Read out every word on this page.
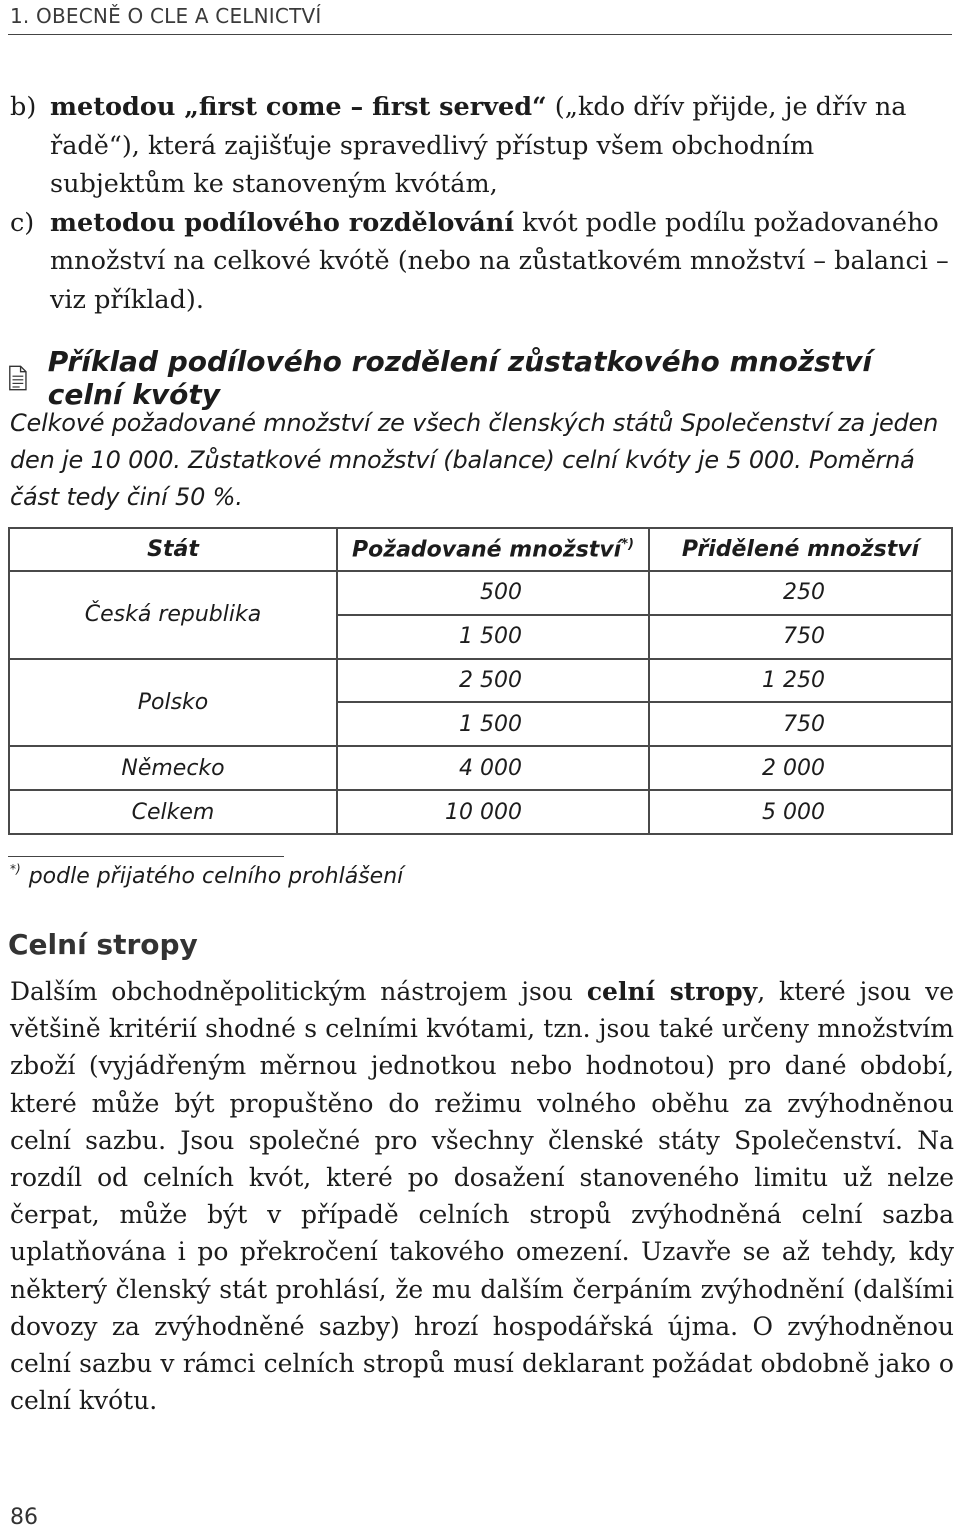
1. OBECNĚ O CLE A CELNICTVÍ
b) metodou „first come – first served“ („kdo dřív přijde, je dřív na řadě“), která zajišťuje spravedlivý přístup všem obchodním subjektům ke stanoveným kvótám,
c) metodou podílového rozdělování kvót podle podílu požadovaného množství na celkové kvótě (nebo na zůstatkovém množství – balanci – viz příklad).
Příklad podílového rozdělení zůstatkového množství celní kvóty
Celkové požadované množství ze všech členských států Společenství za jeden den je 10 000. Zůstatkové množství (balance) celní kvóty je 5 000. Poměrná část tedy činí 50 %.
Stát	Požadované množství*)	Přidělené množství
Česká republika	500	250
	1 500	750
Polsko	2 500	1 250
	1 500	750
Německo	4 000	2 000
Celkem	10 000	5 000
*) podle přijatého celního prohlášení
Celní stropy
Dalším obchodněpolitickým nástrojem jsou celní stropy, které jsou ve většině kritérií shodné s celními kvótami, tzn. jsou také určeny množstvím zboží (vyjádřeným měrnou jednotkou nebo hodnotou) pro dané období, které může být propuštěno do režimu volného oběhu za zvýhodněnou celní sazbu. Jsou společné pro všechny členské státy Společenství. Na rozdíl od celních kvót, které po dosažení stanoveného limitu už nelze čerpat, může být v případě celních stropů zvýhodněná celní sazba uplatňována i po překročení takového omezení. Uzavře se až tehdy, kdy některý členský stát prohlásí, že mu dalším čerpáním zvýhodnění (dalšími dovozy za zvýhodněné sazby) hrozí hospodářská újma. O zvýhodněnou celní sazbu v rámci celních stropů musí deklarant požádat obdobně jako o celní kvótu.
86
